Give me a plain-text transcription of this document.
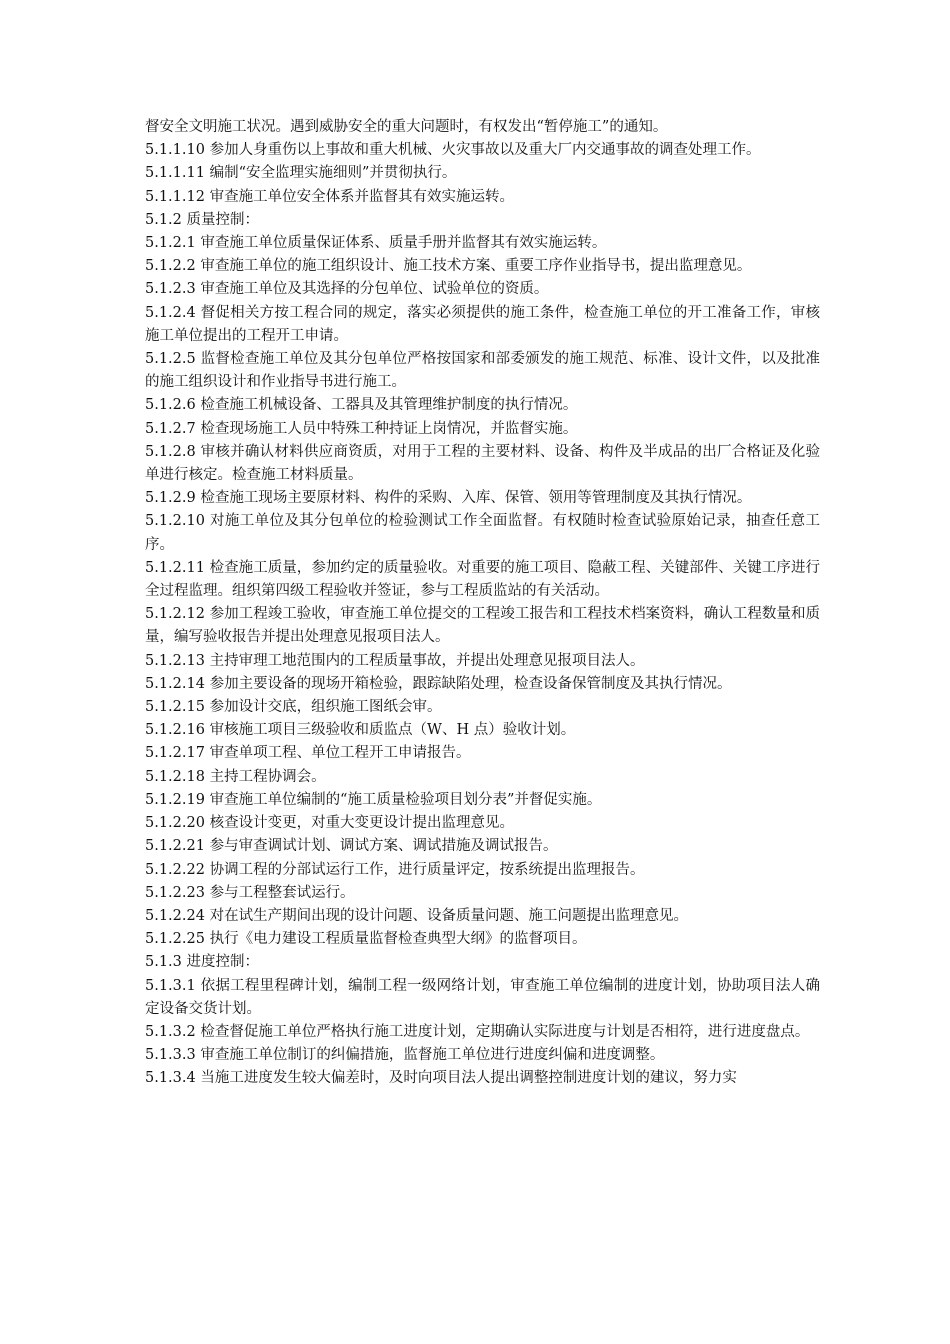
督安全文明施工状况。遇到威胁安全的重大问题时，有权发出“暂停施工”的通知。

5.1.1.10 参加人身重伤以上事故和重大机械、火灾事故以及重大厂内交通事故的调查处理工作。

5.1.1.11 编制“安全监理实施细则”并贯彻执行。

5.1.1.12 审查施工单位安全体系并监督其有效实施运转。

5.1.2 质量控制：

5.1.2.1 审查施工单位质量保证体系、质量手册并监督其有效实施运转。

5.1.2.2 审查施工单位的施工组织设计、施工技术方案、重要工序作业指导书，提出监理意见。

5.1.2.3 审查施工单位及其选择的分包单位、试验单位的资质。

5.1.2.4 督促相关方按工程合同的规定，落实必须提供的施工条件，检查施工单位的开工准备工作，审核施工单位提出的工程开工申请。

5.1.2.5 监督检查施工单位及其分包单位严格按国家和部委颁发的施工规范、标准、设计文件，以及批准的施工组织设计和作业指导书进行施工。

5.1.2.6 检查施工机械设备、工器具及其管理维护制度的执行情况。

5.1.2.7 检查现场施工人员中特殊工种持证上岗情况，并监督实施。

5.1.2.8 审核并确认材料供应商资质，对用于工程的主要材料、设备、构件及半成品的出厂合格证及化验单进行核定。检查施工材料质量。

5.1.2.9 检查施工现场主要原材料、构件的采购、入库、保管、领用等管理制度及其执行情况。

5.1.2.10 对施工单位及其分包单位的检验测试工作全面监督。有权随时检查试验原始记录，抽查任意工序。

5.1.2.11 检查施工质量，参加约定的质量验收。对重要的施工项目、隐蔽工程、关键部件、关键工序进行全过程监理。组织第四级工程验收并签证，参与工程质监站的有关活动。

5.1.2.12 参加工程竣工验收，审查施工单位提交的工程竣工报告和工程技术档案资料，确认工程数量和质量，编写验收报告并提出处理意见报项目法人。

5.1.2.13 主持审理工地范围内的工程质量事故，并提出处理意见报项目法人。

5.1.2.14 参加主要设备的现场开箱检验，跟踪缺陷处理，检查设备保管制度及其执行情况。

5.1.2.15 参加设计交底，组织施工图纸会审。

5.1.2.16 审核施工项目三级验收和质监点（W、H 点）验收计划。

5.1.2.17 审查单项工程、单位工程开工申请报告。

5.1.2.18 主持工程协调会。

5.1.2.19 审查施工单位编制的“施工质量检验项目划分表”并督促实施。

5.1.2.20 核查设计变更，对重大变更设计提出监理意见。

5.1.2.21 参与审查调试计划、调试方案、调试措施及调试报告。

5.1.2.22 协调工程的分部试运行工作，进行质量评定，按系统提出监理报告。

5.1.2.23 参与工程整套试运行。

5.1.2.24 对在试生产期间出现的设计问题、设备质量问题、施工问题提出监理意见。

5.1.2.25 执行《电力建设工程质量监督检查典型大纲》的监督项目。

5.1.3 进度控制：

5.1.3.1 依据工程里程碑计划，编制工程一级网络计划，审查施工单位编制的进度计划，协助项目法人确定设备交货计划。

5.1.3.2 检查督促施工单位严格执行施工进度计划，定期确认实际进度与计划是否相符，进行进度盘点。

5.1.3.3 审查施工单位制订的纠偏措施，监督施工单位进行进度纠偏和进度调整。

5.1.3.4 当施工进度发生较大偏差时，及时向项目法人提出调整控制进度计划的建议，努力实
